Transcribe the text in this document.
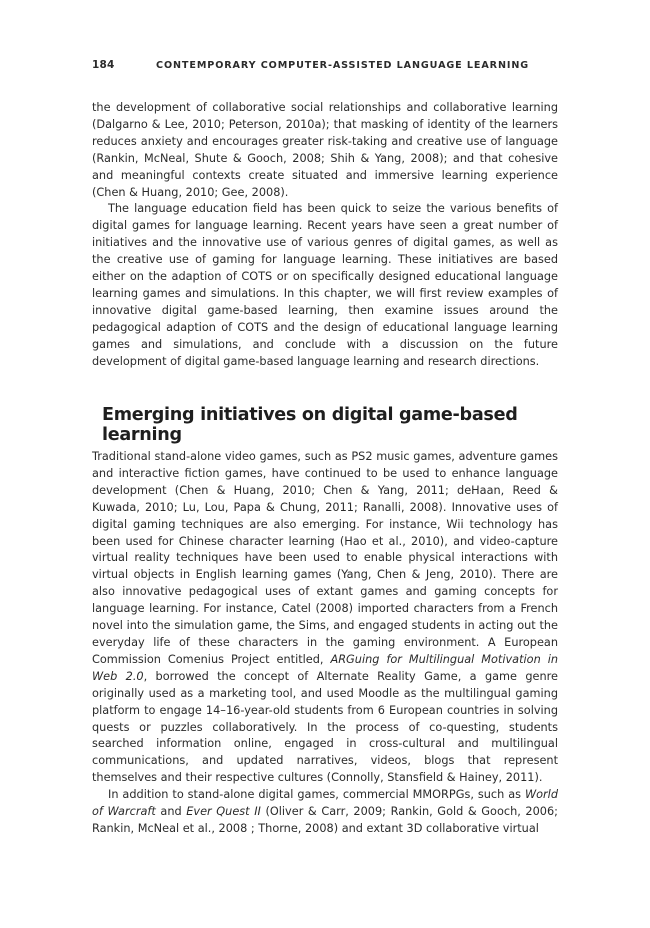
184	CONTEMPORARY COMPUTER-ASSISTED LANGUAGE LEARNING

the development of collaborative social relationships and collaborative learning (Dalgarno & Lee, 2010; Peterson, 2010a); that masking of identity of the learners reduces anxiety and encourages greater risk-taking and creative use of language (Rankin, McNeal, Shute & Gooch, 2008; Shih & Yang, 2008); and that cohesive and meaningful contexts create situated and immersive learning experience (Chen & Huang, 2010; Gee, 2008).

The language education field has been quick to seize the various benefits of digital games for language learning. Recent years have seen a great number of initiatives and the innovative use of various genres of digital games, as well as the creative use of gaming for language learning. These initiatives are based either on the adaption of COTS or on specifically designed educational language learning games and simulations. In this chapter, we will first review examples of innovative digital game-based learning, then examine issues around the pedagogical adaption of COTS and the design of educational language learning games and simulations, and conclude with a discussion on the future development of digital game-based language learning and research directions.

Emerging initiatives on digital game-based learning

Traditional stand-alone video games, such as PS2 music games, adventure games and interactive fiction games, have continued to be used to enhance language development (Chen & Huang, 2010; Chen & Yang, 2011; deHaan, Reed & Kuwada, 2010; Lu, Lou, Papa & Chung, 2011; Ranalli, 2008). Innovative uses of digital gaming techniques are also emerging. For instance, Wii technology has been used for Chinese character learning (Hao et al., 2010), and video-capture virtual reality techniques have been used to enable physical interactions with virtual objects in English learning games (Yang, Chen & Jeng, 2010). There are also innovative pedagogical uses of extant games and gaming concepts for language learning. For instance, Catel (2008) imported characters from a French novel into the simulation game, the Sims, and engaged students in acting out the everyday life of these characters in the gaming environment. A European Commission Comenius Project entitled, ARGuing for Multilingual Motivation in Web 2.0, borrowed the concept of Alternate Reality Game, a game genre originally used as a marketing tool, and used Moodle as the multilingual gaming platform to engage 14–16-year-old students from 6 European countries in solving quests or puzzles collaboratively. In the process of co-questing, students searched information online, engaged in cross-cultural and multilingual communications, and updated narratives, videos, blogs that represent themselves and their respective cultures (Connolly, Stansfield & Hainey, 2011).

In addition to stand-alone digital games, commercial MMORPGs, such as World of Warcraft and Ever Quest II (Oliver & Carr, 2009; Rankin, Gold & Gooch, 2006; Rankin, McNeal et al., 2008 ; Thorne, 2008) and extant 3D collaborative virtual
